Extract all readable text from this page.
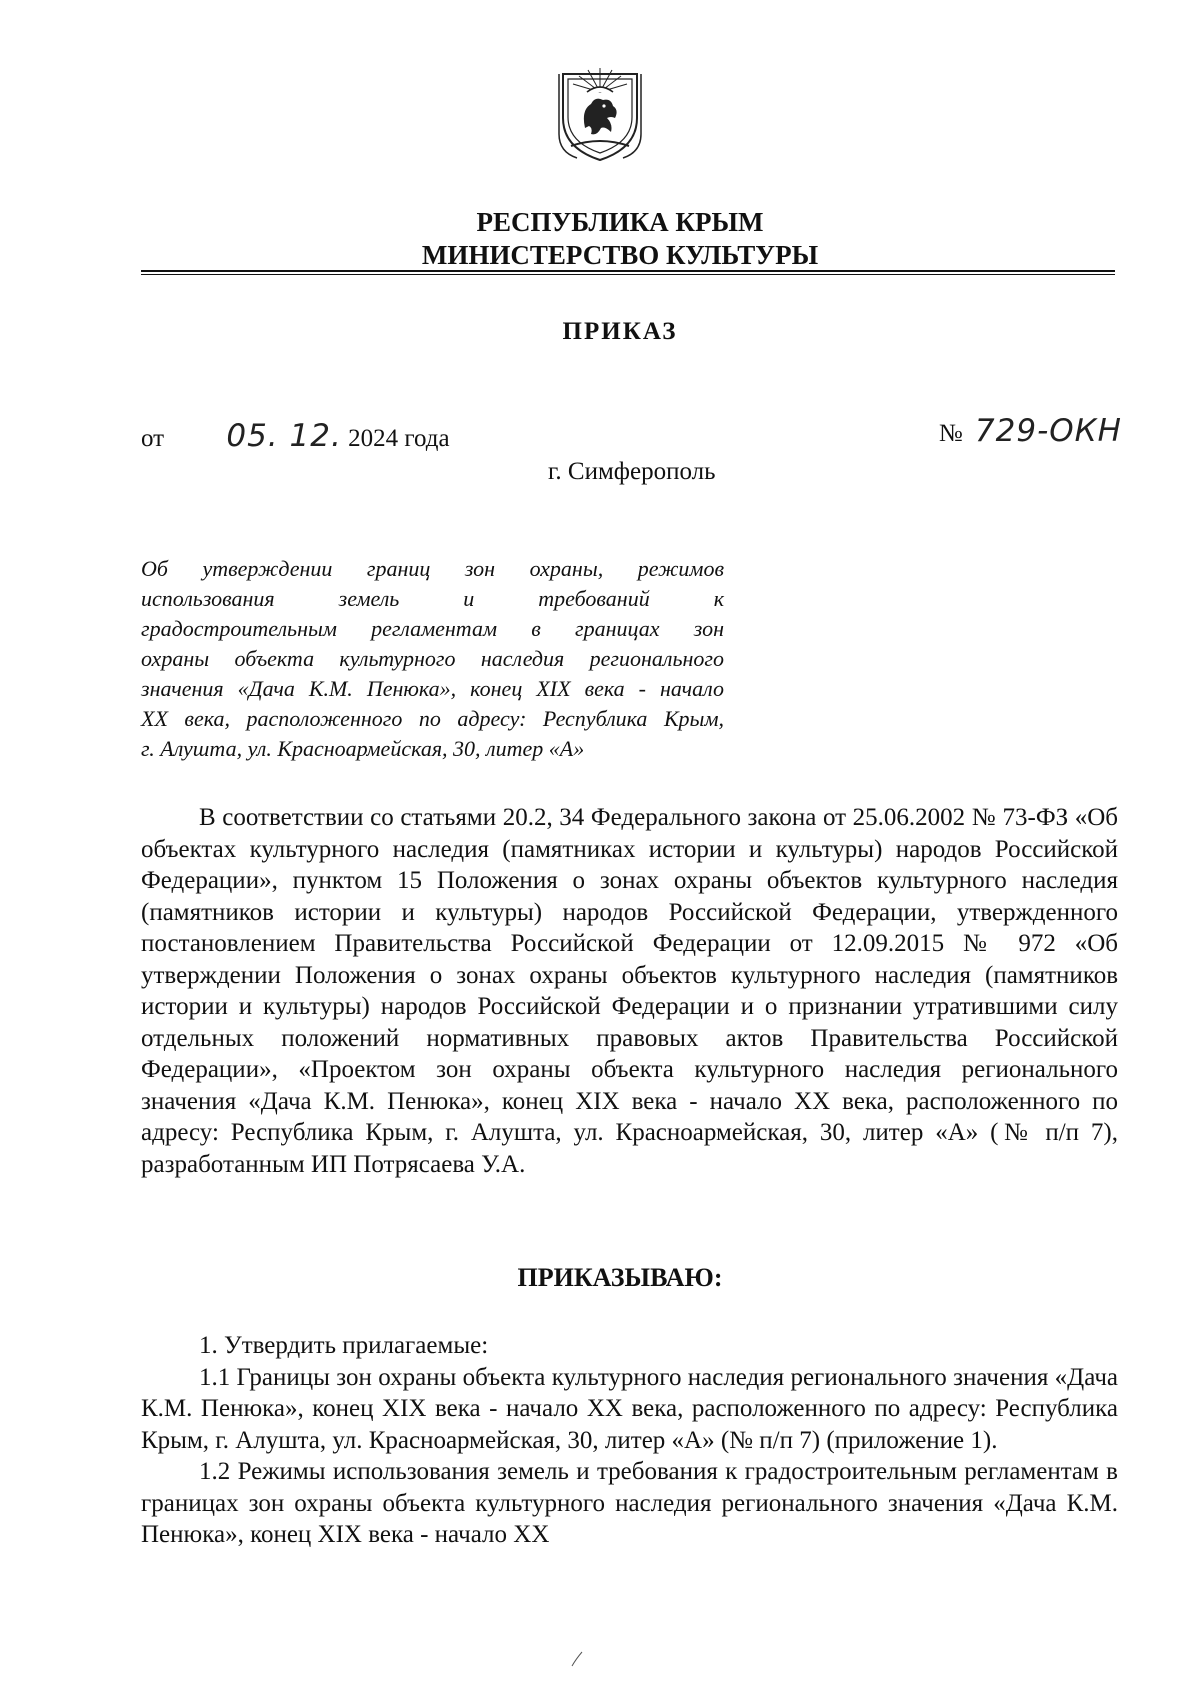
РЕСПУБЛИКА КРЫМ
МИНИСТЕРСТВО КУЛЬТУРЫ
ПРИКАЗ
от 05. 12. 2024 года	№ 729-ОКН
г. Симферополь
Об утверждении границ зон охраны, режимов
использования земель и требований к
градостроительным регламентам в границах зон
охраны объекта культурного наследия регионального
значения «Дача К.М. Пенюка», конец XIX века - начало
XX века, расположенного по адресу: Республика Крым,
г. Алушта, ул. Красноармейская, 30, литер «А»
В соответствии со статьями 20.2, 34 Федерального закона от 25.06.2002 № 73-ФЗ «Об объектах культурного наследия (памятниках истории и культуры) народов Российской Федерации», пунктом 15 Положения о зонах охраны объектов культурного наследия (памятников истории и культуры) народов Российской Федерации, утвержденного постановлением Правительства Российской Федерации от 12.09.2015 № 972 «Об утверждении Положения о зонах охраны объектов культурного наследия (памятников истории и культуры) народов Российской Федерации и о признании утратившими силу отдельных положений нормативных правовых актов Правительства Российской Федерации», «Проектом зон охраны объекта культурного наследия регионального значения «Дача К.М. Пенюка», конец XIX века - начало XX века, расположенного по адресу: Республика Крым, г. Алушта, ул. Красноармейская, 30, литер «А» (№ п/п 7), разработанным ИП Потрясаева У.А.
ПРИКАЗЫВАЮ:

1. Утвердить прилагаемые:

1.1 Границы зон охраны объекта культурного наследия регионального значения «Дача К.М. Пенюка», конец XIX века - начало XX века, расположенного по адресу: Республика Крым, г. Алушта, ул. Красноармейская, 30, литер «А» (№ п/п 7) (приложение 1).

1.2 Режимы использования земель и требования к градостроительным регламентам в границах зон охраны объекта культурного наследия регионального значения «Дача К.М. Пенюка», конец XIX века - начало XX
